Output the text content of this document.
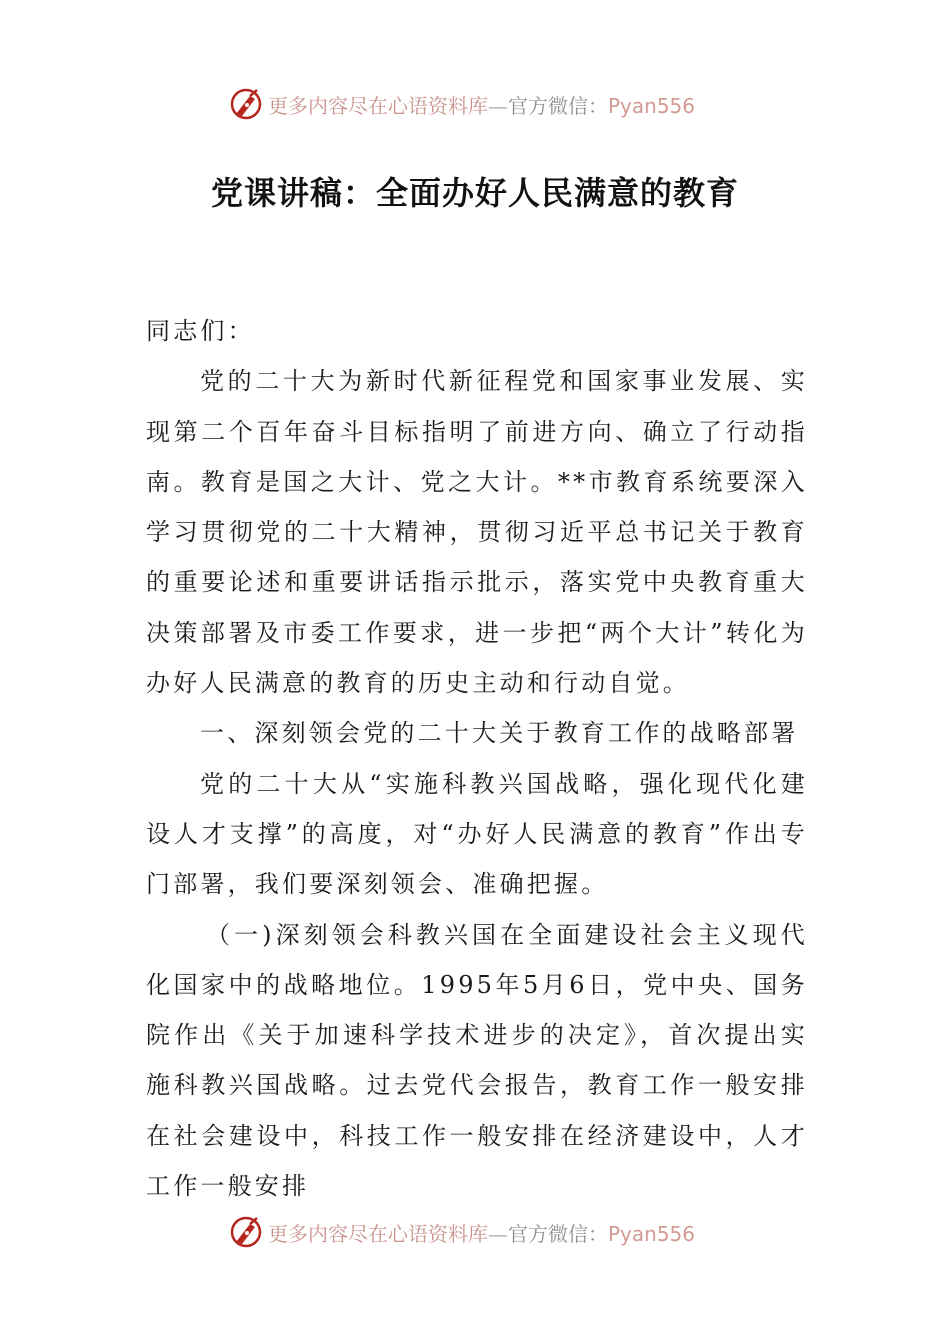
更多内容尽在心语资料库—官方微信：Pyan556
党课讲稿：全面办好人民满意的教育

同志们：

党的二十大为新时代新征程党和国家事业发展、实现第二个百年奋斗目标指明了前进方向、确立了行动指南。教育是国之大计、党之大计。**市教育系统要深入学习贯彻党的二十大精神，贯彻习近平总书记关于教育的重要论述和重要讲话指示批示，落实党中央教育重大决策部署及市委工作要求，进一步把“两个大计”转化为办好人民满意的教育的历史主动和行动自觉。

一、深刻领会党的二十大关于教育工作的战略部署

党的二十大从“实施科教兴国战略，强化现代化建设人才支撑”的高度，对“办好人民满意的教育”作出专门部署，我们要深刻领会、准确把握。

（一)深刻领会科教兴国在全面建设社会主义现代化国家中的战略地位。1995年5月6日，党中央、国务院作出《关于加速科学技术进步的决定》，首次提出实施科教兴国战略。过去党代会报告，教育工作一般安排在社会建设中，科技工作一般安排在经济建设中，人才工作一般安排

更多内容尽在心语资料库—官方微信：Pyan556
